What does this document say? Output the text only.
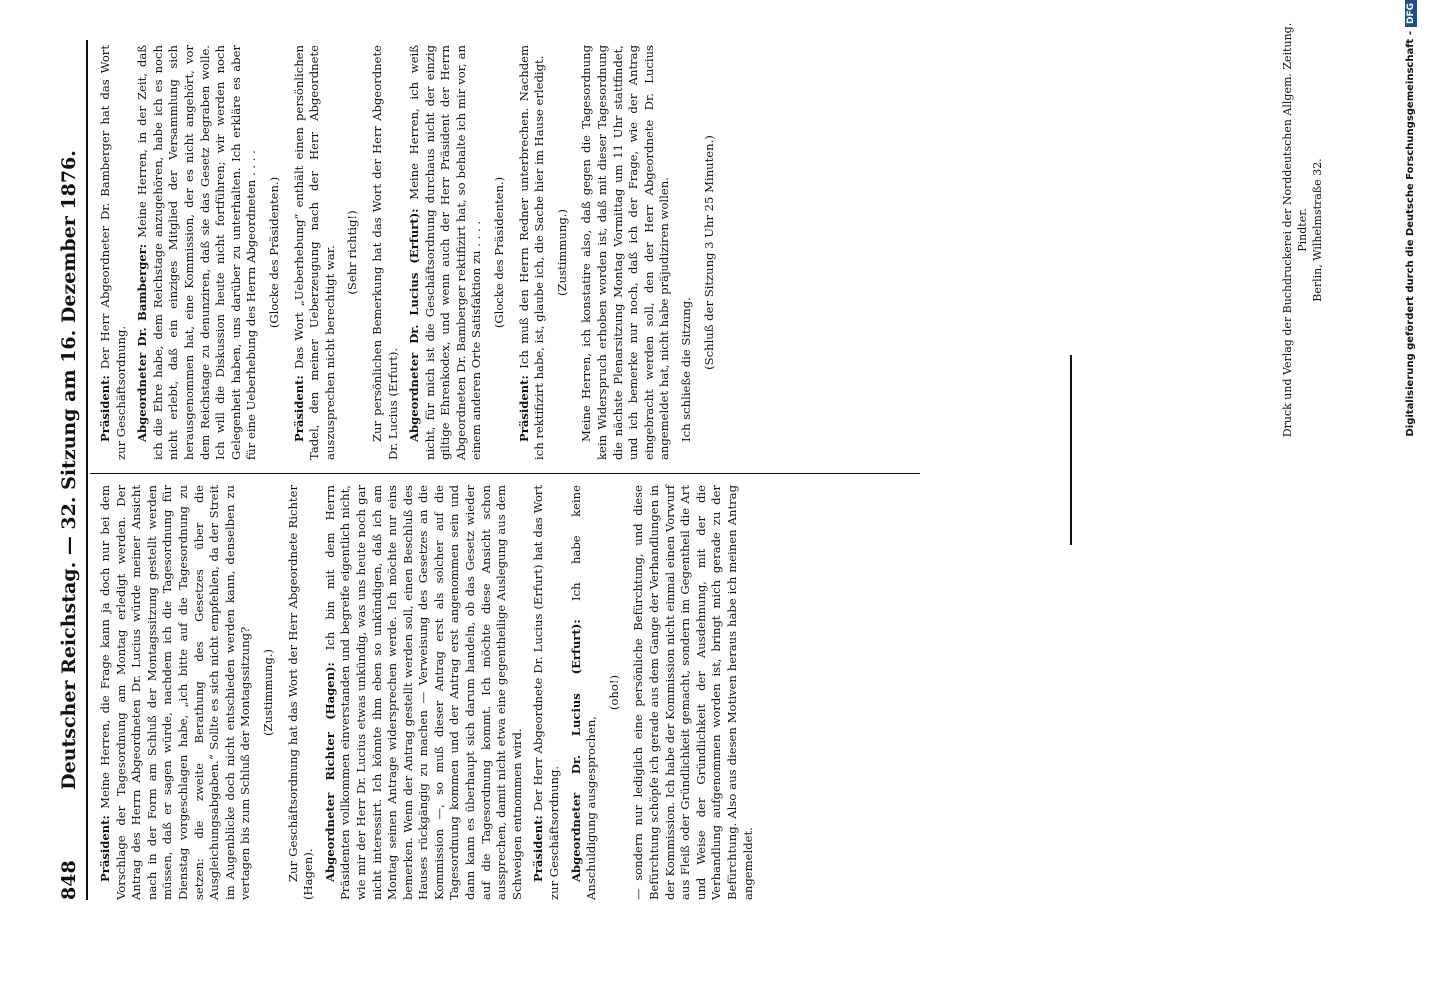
848
Deutscher Reichstag. — 32. Sitzung am 16. Dezember 1876.

Präsident: Meine Herren, die Frage kann ja doch nur bei dem Vorschlage der Tagesordnung am Montag erledigt werden. Der Antrag des Herrn Abgeordneten Dr. Lucius würde meiner Ansicht nach in der Form am Schluß der Montagssitzung gestellt werden müssen, daß er sagen würde, nachdem ich die Tagesordnung für Dienstag vorgeschlagen habe, „ich bitte auf die Tagesordnung zu setzen: die zweite Berathung des Gesetzes über die Ausgleichungsabgaben.“ Sollte es sich nicht empfehlen, da der Streit im Augenblicke doch nicht entschieden werden kann, denselben zu vertagen bis zum Schluß der Montagssitzung? (Zustimmung.) Zur Geschäftsordnung hat das Wort der Herr Abgeordnete Richter (Hagen). Abgeordneter Richter (Hagen): Ich bin mit dem Herrn Präsidenten vollkommen einverstanden und begreife eigentlich nicht, wie mir der Herr Dr. Lucius etwas unkündig, was uns heute noch gar nicht interessirt. Ich könnte ihm eben so unkündigen, daß ich am Montag seinen Antrage widersprechen werde. Ich möchte nur eins bemerken. Wenn der Antrag gestellt werden soll, einen Beschluß des Hauses rückgängig zu machen — Verweisung des Gesetzes an die Kommission —, so muß dieser Antrag erst als solcher auf die Tagesordnung kommen und der Antrag erst angenommen sein und dann kann es überhaupt sich darum handeln, ob das Gesetz wieder auf die Tagesordnung kommt. Ich möchte diese Ansicht schon aussprechen, damit nicht etwa eine gegentheilige Auslegung aus dem Schweigen entnommen wird. Präsident: Der Herr Abgeordnete Dr. Lucius (Erfurt) hat das Wort zur Geschäftsordnung. Abgeordneter Dr. Lucius (Erfurt): Ich habe keine Anschuldigung ausgesprochen,

(oho!) — sondern nur lediglich eine persönliche Befürchtung, und diese Befürchtung schöpfe ich gerade aus dem Gange der Verhandlungen in der Kommission. Ich habe der Kommission nicht einmal einen Vorwurf aus Fleiß oder Gründlichkeit gemacht, sondern im Gegentheil die Art und Weise der Gründlichkeit der Ausdehnung, mit der die Verhandlung aufgenommen worden ist, bringt mich gerade zu der Befürchtung. Also aus diesen Motiven heraus habe ich meinen Antrag angemeldet.

Präsident: Der Herr Abgeordneter Dr. Bamberger hat das Wort zur Geschäftsordnung. Abgeordneter Dr. Bamberger: Meine Herren, in der Zeit, daß ich die Ehre habe, dem Reichstage anzugehören, habe ich es noch nicht erlebt, daß ein einziges Mitglied der Versammlung sich herausgenommen hat, eine Kommission, der es nicht angehört, vor dem Reichstage zu denunziren, daß sie das Gesetz begraben wolle. Ich will die Diskussion heute nicht fortführen; wir werden noch Gelegenheit haben, uns darüber zu unterhalten. Ich erkläre es aber für eine Ueberhebung des Herrn Abgeordneten . . . . (Glocke des Präsidenten.)

Präsident: Das Wort „Ueberhebung“ enthält einen persönlichen Tadel, den meiner Ueberzeugung nach der Herr Abgeordnete auszusprechen nicht berechtigt war. (Sehr richtig!) Zur persönlichen Bemerkung hat das Wort der Herr Abgeordnete Dr. Lucius (Erfurt). Abgeordneter Dr. Lucius (Erfurt): Meine Herren, ich weiß nicht, für mich ist die Geschäftsordnung durchaus nicht der einzig giltige Ehrenkodex, und wenn auch der Herr Präsident der Herrn Abgeordneten Dr. Bamberger rektifizirt hat, so behalte ich mir vor, an einem anderen Orte Satisfaktion zu . . . . (Glocke des Präsidenten.)

Präsident: Ich muß den Herrn Redner unterbrechen. Nachdem ich rektifizirt habe, ist, glaube ich, die Sache hier im Hause erledigt. (Zustimmung.) Meine Herren, ich konstatire also, daß gegen die Tagesordnung kein Widerspruch erhoben worden ist, daß mit dieser Tagesordnung die nächste Plenarsitzung Montag Vormittag um 11 Uhr stattfindet, und ich bemerke nur noch, daß ich der Frage, wie der Antrag eingebracht werden soll, den der Herr Abgeordnete Dr. Lucius angemeldet hat, nicht habe präjudiziren wollen. Ich schließe die Sitzung. (Schluß der Sitzung 3 Uhr 25 Minuten.)	Druck und Verlag der Buchdruckerei der Norddeutschen Allgem. Zeitung. Pindter. Berlin, Wilhelmstraße 32.	Digitalisierung gefördert durch die Deutsche Forschungsgemeinschaft -DFG
